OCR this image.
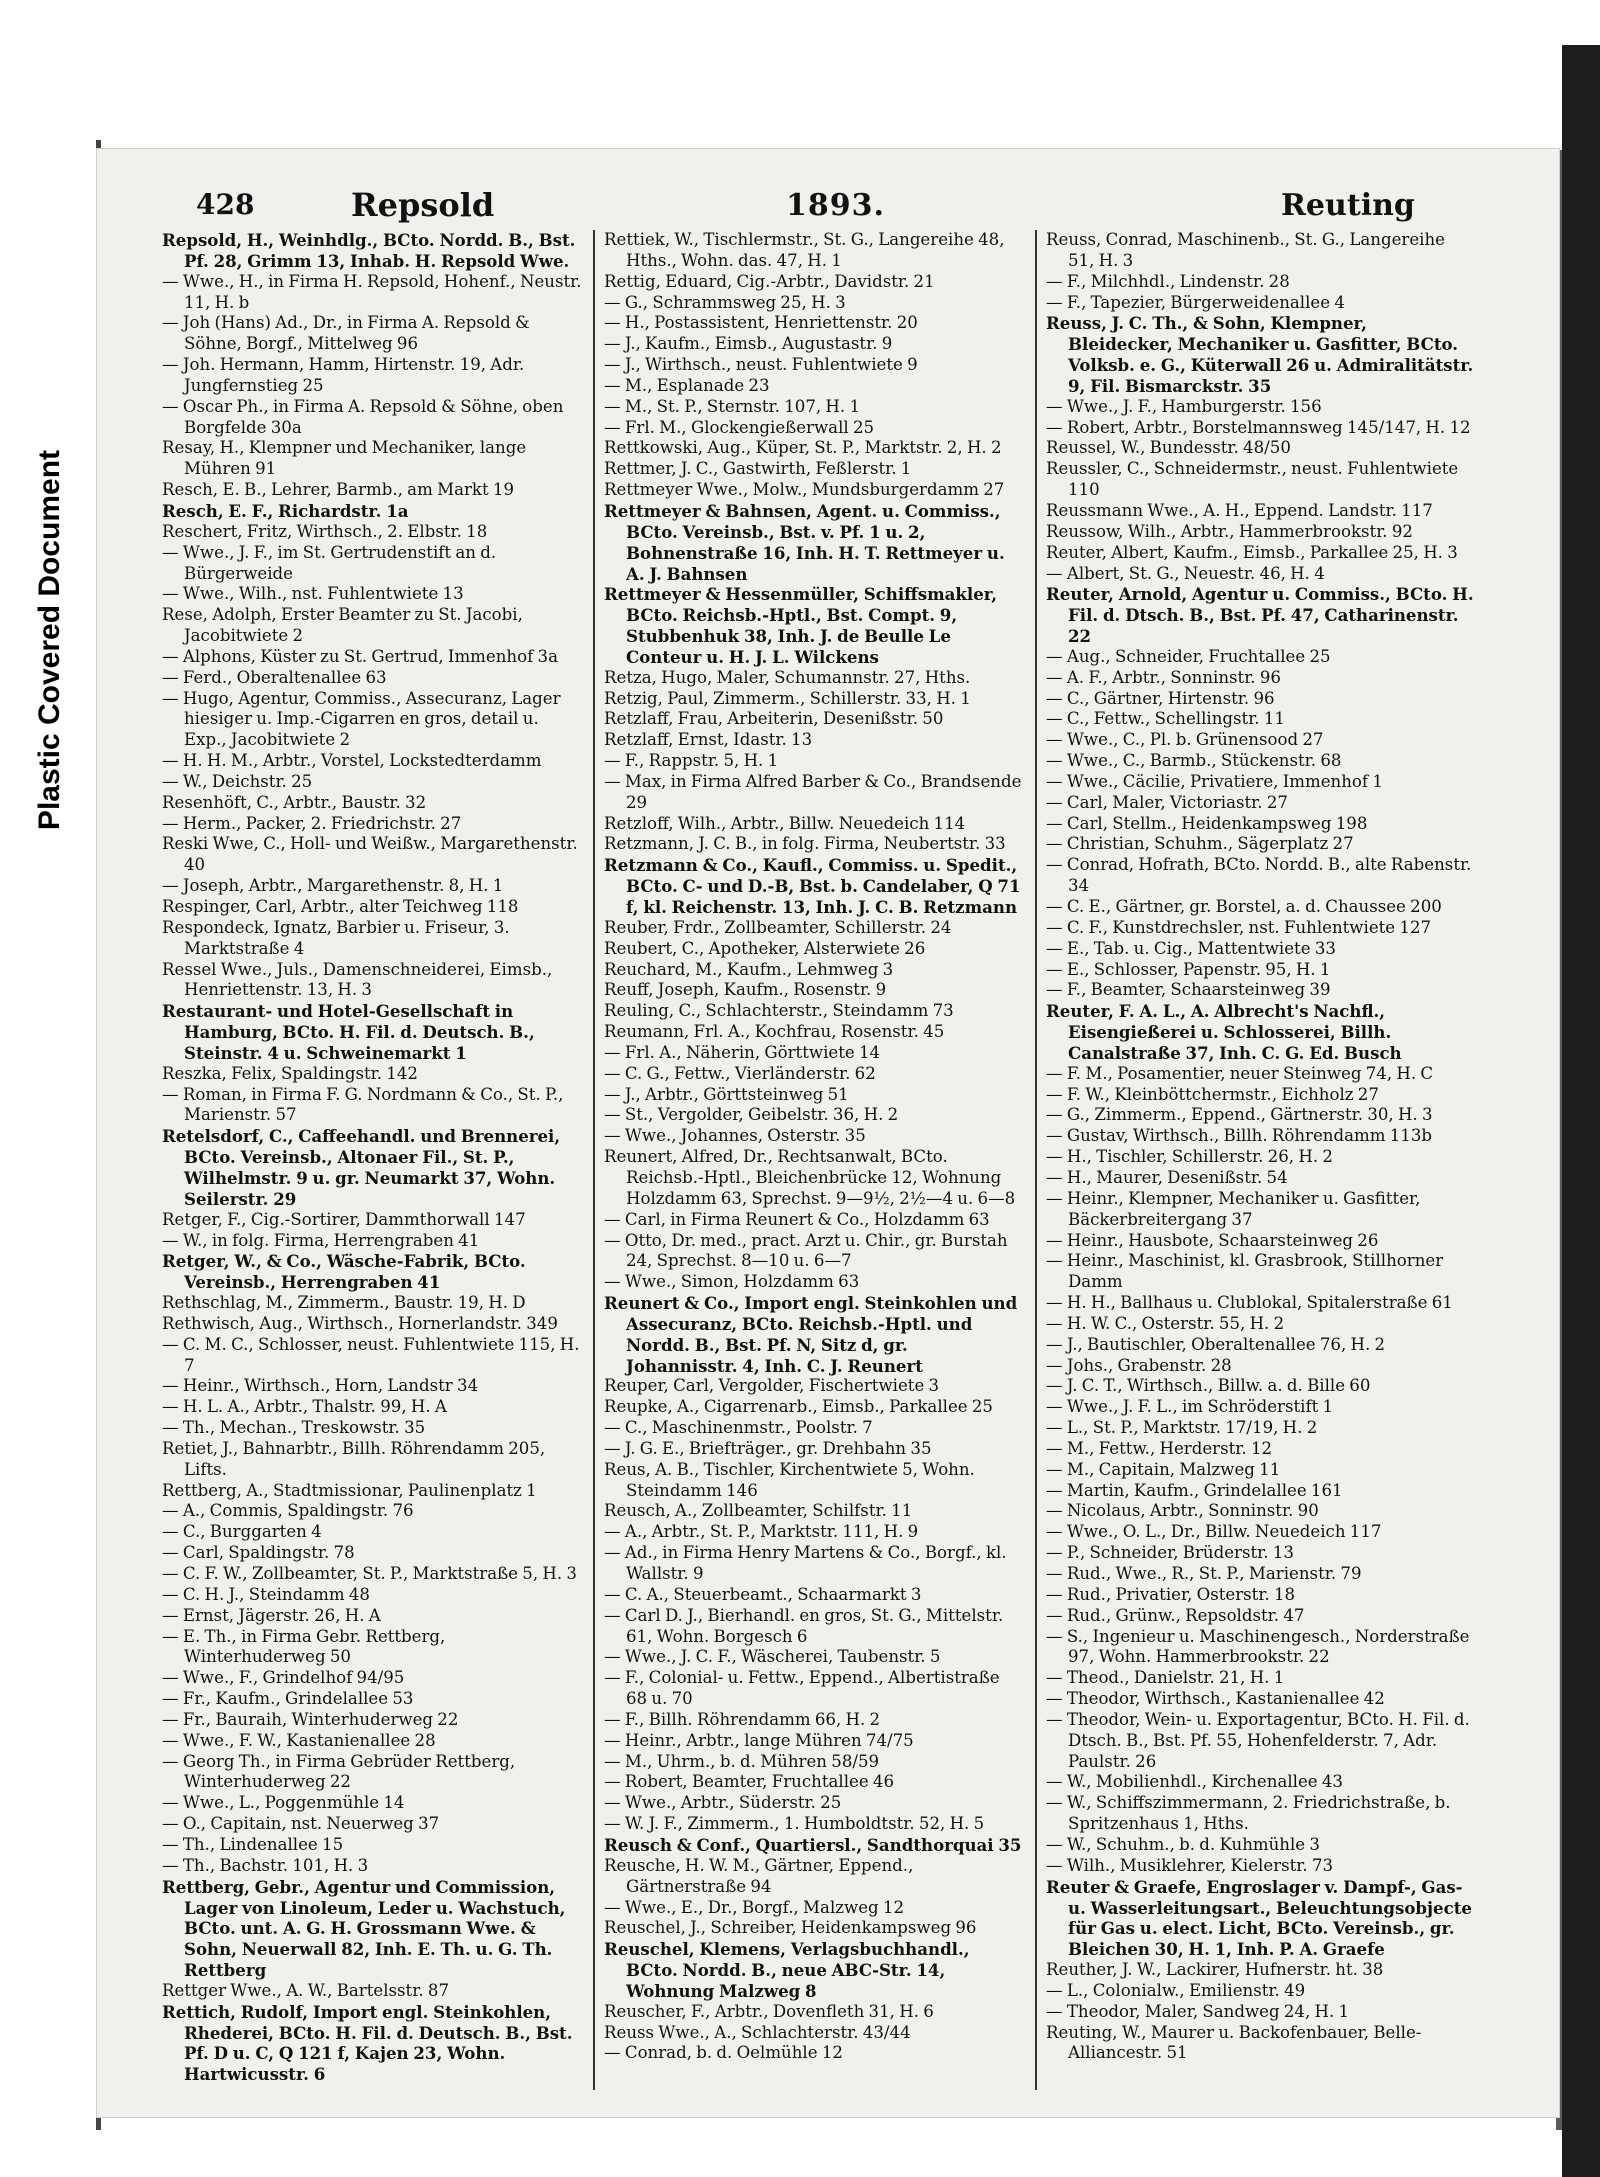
Plastic Covered Document
428	Repsold	1893.	Reuting

Repsold, H., Weinhdlg., BCto. Nordd. B., Bst. Pf. 28, Grimm 13, Inhab. H. Repsold Wwe.

— Wwe., H., in Firma H. Repsold, Hohenf., Neustr. 11, H. b

— Joh (Hans) Ad., Dr., in Firma A. Repsold & Söhne, Borgf., Mittelweg 96

— Joh. Hermann, Hamm, Hirtenstr. 19, Adr. Jungfernstieg 25

— Oscar Ph., in Firma A. Repsold & Söhne, oben Borgfelde 30a

Resay, H., Klempner und Mechaniker, lange Mühren 91

Resch, E. B., Lehrer, Barmb., am Markt 19

Resch, E. F., Richardstr. 1a

Reschert, Fritz, Wirthsch., 2. Elbstr. 18

— Wwe., J. F., im St. Gertrudenstift an d. Bürgerweide

— Wwe., Wilh., nst. Fuhlentwiete 13

Rese, Adolph, Erster Beamter zu St. Jacobi, Jacobitwiete 2

— Alphons, Küster zu St. Gertrud, Immenhof 3a

— Ferd., Oberaltenallee 63

— Hugo, Agentur, Commiss., Assecuranz, Lager hiesiger u. Imp.-Cigarren en gros, detail u. Exp., Jacobitwiete 2

— H. H. M., Arbtr., Vorstel, Lockstedterdamm

— W., Deichstr. 25

Resenhöft, C., Arbtr., Baustr. 32

— Herm., Packer, 2. Friedrichstr. 27

Reski Wwe, C., Holl- und Weißw., Margarethenstr. 40

— Joseph, Arbtr., Margarethenstr. 8, H. 1

Respinger, Carl, Arbtr., alter Teichweg 118

Respondeck, Ignatz, Barbier u. Friseur, 3. Marktstraße 4

Ressel Wwe., Juls., Damenschneiderei, Eimsb., Henriettenstr. 13, H. 3

Restaurant- und Hotel-Gesellschaft in Hamburg, BCto. H. Fil. d. Deutsch. B., Steinstr. 4 u. Schweinemarkt 1

Reszka, Felix, Spaldingstr. 142

— Roman, in Firma F. G. Nordmann & Co., St. P., Marienstr. 57

Retelsdorf, C., Caffeehandl. und Brennerei, BCto. Vereinsb., Altonaer Fil., St. P., Wilhelmstr. 9 u. gr. Neumarkt 37, Wohn. Seilerstr. 29

Retger, F., Cig.-Sortirer, Dammthorwall 147

— W., in folg. Firma, Herrengraben 41

Retger, W., & Co., Wäsche-Fabrik, BCto. Vereinsb., Herrengraben 41

Rethschlag, M., Zimmerm., Baustr. 19, H. D

Rethwisch, Aug., Wirthsch., Hornerlandstr. 349

— C. M. C., Schlosser, neust. Fuhlentwiete 115, H. 7

— Heinr., Wirthsch., Horn, Landstr 34

— H. L. A., Arbtr., Thalstr. 99, H. A

— Th., Mechan., Treskowstr. 35

Retiet, J., Bahnarbtr., Billh. Röhrendamm 205, Lifts.

Rettberg, A., Stadtmissionar, Paulinenplatz 1

— A., Commis, Spaldingstr. 76

— C., Burggarten 4

— Carl, Spaldingstr. 78

— C. F. W., Zollbeamter, St. P., Marktstraße 5, H. 3

— C. H. J., Steindamm 48

— Ernst, Jägerstr. 26, H. A

— E. Th., in Firma Gebr. Rettberg, Winterhuderweg 50

— Wwe., F., Grindelhof 94/95

— Fr., Kaufm., Grindelallee 53

— Fr., Bauraih, Winterhuderweg 22

— Wwe., F. W., Kastanienallee 28

— Georg Th., in Firma Gebrüder Rettberg, Winterhuderweg 22

— Wwe., L., Poggenmühle 14

— O., Capitain, nst. Neuerweg 37

— Th., Lindenallee 15

— Th., Bachstr. 101, H. 3

Rettberg, Gebr., Agentur und Commission, Lager von Linoleum, Leder u. Wachstuch, BCto. unt. A. G. H. Grossmann Wwe. & Sohn, Neuerwall 82, Inh. E. Th. u. G. Th. Rettberg

Rettger Wwe., A. W., Bartelsstr. 87

Rettich, Rudolf, Import engl. Steinkohlen, Rhederei, BCto. H. Fil. d. Deutsch. B., Bst. Pf. D u. C, Q 121 f, Kajen 23, Wohn. Hartwicusstr. 6

Rettiek, W., Tischlermstr., St. G., Langereihe 48, Hths., Wohn. das. 47, H. 1

Rettig, Eduard, Cig.-Arbtr., Davidstr. 21

— G., Schrammsweg 25, H. 3

— H., Postassistent, Henriettenstr. 20

— J., Kaufm., Eimsb., Augustastr. 9

— J., Wirthsch., neust. Fuhlentwiete 9

— M., Esplanade 23

— M., St. P., Sternstr. 107, H. 1

— Frl. M., Glockengießerwall 25

Rettkowski, Aug., Küper, St. P., Marktstr. 2, H. 2

Rettmer, J. C., Gastwirth, Feßlerstr. 1

Rettmeyer Wwe., Molw., Mundsburgerdamm 27

Rettmeyer & Bahnsen, Agent. u. Commiss., BCto. Vereinsb., Bst. v. Pf. 1 u. 2, Bohnenstraße 16, Inh. H. T. Rettmeyer u. A. J. Bahnsen

Rettmeyer & Hessenmüller, Schiffsmakler, BCto. Reichsb.-Hptl., Bst. Compt. 9, Stubbenhuk 38, Inh. J. de Beulle Le Conteur u. H. J. L. Wilckens

Retza, Hugo, Maler, Schumannstr. 27, Hths.

Retzig, Paul, Zimmerm., Schillerstr. 33, H. 1

Retzlaff, Frau, Arbeiterin, Desenißstr. 50

Retzlaff, Ernst, Idastr. 13

— F., Rappstr. 5, H. 1

— Max, in Firma Alfred Barber & Co., Brandsende 29

Retzloff, Wilh., Arbtr., Billw. Neuedeich 114

Retzmann, J. C. B., in folg. Firma, Neubertstr. 33

Retzmann & Co., Kaufl., Commiss. u. Spedit., BCto. C- und D.-B, Bst. b. Candelaber, Q 71 f, kl. Reichenstr. 13, Inh. J. C. B. Retzmann

Reuber, Frdr., Zollbeamter, Schillerstr. 24

Reubert, C., Apotheker, Alsterwiete 26

Reuchard, M., Kaufm., Lehmweg 3

Reuff, Joseph, Kaufm., Rosenstr. 9

Reuling, C., Schlachterstr., Steindamm 73

Reumann, Frl. A., Kochfrau, Rosenstr. 45

— Frl. A., Näherin, Görttwiete 14

— C. G., Fettw., Vierländerstr. 62

— J., Arbtr., Görttsteinweg 51

— St., Vergolder, Geibelstr. 36, H. 2

— Wwe., Johannes, Osterstr. 35

Reunert, Alfred, Dr., Rechtsanwalt, BCto. Reichsb.-Hptl., Bleichenbrücke 12, Wohnung Holzdamm 63, Sprechst. 9—9½, 2½—4 u. 6—8

— Carl, in Firma Reunert & Co., Holzdamm 63

— Otto, Dr. med., pract. Arzt u. Chir., gr. Burstah 24, Sprechst. 8—10 u. 6—7

— Wwe., Simon, Holzdamm 63

Reunert & Co., Import engl. Steinkohlen und Assecuranz, BCto. Reichsb.-Hptl. und Nordd. B., Bst. Pf. N, Sitz d, gr. Johannisstr. 4, Inh. C. J. Reunert

Reuper, Carl, Vergolder, Fischertwiete 3

Reupke, A., Cigarrenarb., Eimsb., Parkallee 25

— C., Maschinenmstr., Poolstr. 7

— J. G. E., Briefträger., gr. Drehbahn 35

Reus, A. B., Tischler, Kirchentwiete 5, Wohn. Steindamm 146

Reusch, A., Zollbeamter, Schilfstr. 11

— A., Arbtr., St. P., Marktstr. 111, H. 9

— Ad., in Firma Henry Martens & Co., Borgf., kl. Wallstr. 9

— C. A., Steuerbeamt., Schaarmarkt 3

— Carl D. J., Bierhandl. en gros, St. G., Mittelstr. 61, Wohn. Borgesch 6

— Wwe., J. C. F., Wäscherei, Taubenstr. 5

— F., Colonial- u. Fettw., Eppend., Albertistraße 68 u. 70

— F., Billh. Röhrendamm 66, H. 2

— Heinr., Arbtr., lange Mühren 74/75

— M., Uhrm., b. d. Mühren 58/59

— Robert, Beamter, Fruchtallee 46

— Wwe., Arbtr., Süderstr. 25

— W. J. F., Zimmerm., 1. Humboldtstr. 52, H. 5

Reusch & Conf., Quartiersl., Sandthorquai 35

Reusche, H. W. M., Gärtner, Eppend., Gärtnerstraße 94

— Wwe., E., Dr., Borgf., Malzweg 12

Reuschel, J., Schreiber, Heidenkampsweg 96

Reuschel, Klemens, Verlagsbuchhandl., BCto. Nordd. B., neue ABC-Str. 14, Wohnung Malzweg 8

Reuscher, F., Arbtr., Dovenfleth 31, H. 6

Reuss Wwe., A., Schlachterstr. 43/44

— Conrad, b. d. Oelmühle 12

Reuss, Conrad, Maschinenb., St. G., Langereihe 51, H. 3

— F., Milchhdl., Lindenstr. 28

— F., Tapezier, Bürgerweidenallee 4

Reuss, J. C. Th., & Sohn, Klempner, Bleidecker, Mechaniker u. Gasfitter, BCto. Volksb. e. G., Küterwall 26 u. Admiralitätstr. 9, Fil. Bismarckstr. 35

— Wwe., J. F., Hamburgerstr. 156

— Robert, Arbtr., Borstelmannsweg 145/147, H. 12

Reussel, W., Bundesstr. 48/50

Reussler, C., Schneidermstr., neust. Fuhlentwiete 110

Reussmann Wwe., A. H., Eppend. Landstr. 117

Reussow, Wilh., Arbtr., Hammerbrookstr. 92

Reuter, Albert, Kaufm., Eimsb., Parkallee 25, H. 3

— Albert, St. G., Neuestr. 46, H. 4

Reuter, Arnold, Agentur u. Commiss., BCto. H. Fil. d. Dtsch. B., Bst. Pf. 47, Catharinenstr. 22

— Aug., Schneider, Fruchtallee 25

— A. F., Arbtr., Sonninstr. 96

— C., Gärtner, Hirtenstr. 96

— C., Fettw., Schellingstr. 11

— Wwe., C., Pl. b. Grünensood 27

— Wwe., C., Barmb., Stückenstr. 68

— Wwe., Cäcilie, Privatiere, Immenhof 1

— Carl, Maler, Victoriastr. 27

— Carl, Stellm., Heidenkampsweg 198

— Christian, Schuhm., Sägerplatz 27

— Conrad, Hofrath, BCto. Nordd. B., alte Rabenstr. 34

— C. E., Gärtner, gr. Borstel, a. d. Chaussee 200

— C. F., Kunstdrechsler, nst. Fuhlentwiete 127

— E., Tab. u. Cig., Mattentwiete 33

— E., Schlosser, Papenstr. 95, H. 1

— F., Beamter, Schaarsteinweg 39

Reuter, F. A. L., A. Albrecht's Nachfl., Eisengießerei u. Schlosserei, Billh. Canalstraße 37, Inh. C. G. Ed. Busch

— F. M., Posamentier, neuer Steinweg 74, H. C

— F. W., Kleinböttchermstr., Eichholz 27

— G., Zimmerm., Eppend., Gärtnerstr. 30, H. 3

— Gustav, Wirthsch., Billh. Röhrendamm 113b

— H., Tischler, Schillerstr. 26, H. 2

— H., Maurer, Desenißstr. 54

— Heinr., Klempner, Mechaniker u. Gasfitter, Bäckerbreitergang 37

— Heinr., Hausbote, Schaarsteinweg 26

— Heinr., Maschinist, kl. Grasbrook, Stillhorner Damm

— H. H., Ballhaus u. Clublokal, Spitalerstraße 61

— H. W. C., Osterstr. 55, H. 2

— J., Bautischler, Oberaltenallee 76, H. 2

— Johs., Grabenstr. 28

— J. C. T., Wirthsch., Billw. a. d. Bille 60

— Wwe., J. F. L., im Schröderstift 1

— L., St. P., Marktstr. 17/19, H. 2

— M., Fettw., Herderstr. 12

— M., Capitain, Malzweg 11

— Martin, Kaufm., Grindelallee 161

— Nicolaus, Arbtr., Sonninstr. 90

— Wwe., O. L., Dr., Billw. Neuedeich 117

— P., Schneider, Brüderstr. 13

— Rud., Wwe., R., St. P., Marienstr. 79

— Rud., Privatier, Osterstr. 18

— Rud., Grünw., Repsoldstr. 47

— S., Ingenieur u. Maschinengesch., Norderstraße 97, Wohn. Hammerbrookstr. 22

— Theod., Danielstr. 21, H. 1

— Theodor, Wirthsch., Kastanienallee 42

— Theodor, Wein- u. Exportagentur, BCto. H. Fil. d. Dtsch. B., Bst. Pf. 55, Hohenfelderstr. 7, Adr. Paulstr. 26

— W., Mobilienhdl., Kirchenallee 43

— W., Schiffszimmermann, 2. Friedrichstraße, b. Spritzenhaus 1, Hths.

— W., Schuhm., b. d. Kuhmühle 3

— Wilh., Musiklehrer, Kielerstr. 73

Reuter & Graefe, Engroslager v. Dampf-, Gas- u. Wasserleitungsart., Beleuchtungsobjecte für Gas u. elect. Licht, BCto. Vereinsb., gr. Bleichen 30, H. 1, Inh. P. A. Graefe

Reuther, J. W., Lackirer, Hufnerstr. ht. 38

— L., Colonialw., Emilienstr. 49

— Theodor, Maler, Sandweg 24, H. 1

Reuting, W., Maurer u. Backofenbauer, Belle-Alliancestr. 51
